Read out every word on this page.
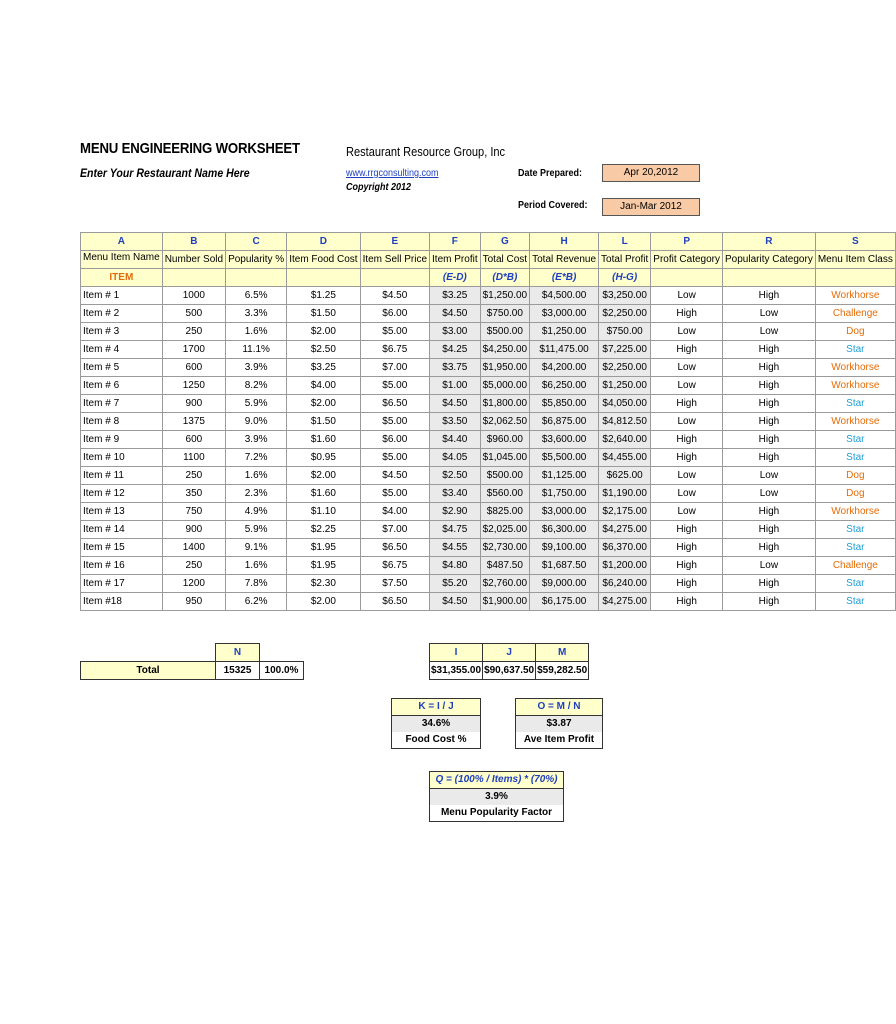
MENU ENGINEERING WORKSHEET
Enter Your Restaurant Name Here
Restaurant Resource Group, Inc
www.rrgconsulting.com
Copyright 2012
Date Prepared:	Apr 20,2012
Period Covered:	Jan-Mar 2012
A	B	C	D	E	F	G	H	L	P	R	S
Menu Item Name	Number Sold	Popularity %	Item Food Cost	Item Sell Price	Item Profit	Total Cost	Total Revenue	Total Profit	Profit Category	Popularity Category	Menu Item Class
ITEM					(E-D)	(D*B)	(E*B)	(H-G)			
Item # 1	1000	6.5%	$1.25	$4.50	$3.25	$1,250.00	$4,500.00	$3,250.00	Low	High	Workhorse
Item # 2	500	3.3%	$1.50	$6.00	$4.50	$750.00	$3,000.00	$2,250.00	High	Low	Challenge
Item # 3	250	1.6%	$2.00	$5.00	$3.00	$500.00	$1,250.00	$750.00	Low	Low	Dog
Item # 4	1700	11.1%	$2.50	$6.75	$4.25	$4,250.00	$11,475.00	$7,225.00	High	High	Star
Item # 5	600	3.9%	$3.25	$7.00	$3.75	$1,950.00	$4,200.00	$2,250.00	Low	High	Workhorse
Item # 6	1250	8.2%	$4.00	$5.00	$1.00	$5,000.00	$6,250.00	$1,250.00	Low	High	Workhorse
Item # 7	900	5.9%	$2.00	$6.50	$4.50	$1,800.00	$5,850.00	$4,050.00	High	High	Star
Item # 8	1375	9.0%	$1.50	$5.00	$3.50	$2,062.50	$6,875.00	$4,812.50	Low	High	Workhorse
Item # 9	600	3.9%	$1.60	$6.00	$4.40	$960.00	$3,600.00	$2,640.00	High	High	Star
Item # 10	1100	7.2%	$0.95	$5.00	$4.05	$1,045.00	$5,500.00	$4,455.00	High	High	Star
Item # 11	250	1.6%	$2.00	$4.50	$2.50	$500.00	$1,125.00	$625.00	Low	Low	Dog
Item # 12	350	2.3%	$1.60	$5.00	$3.40	$560.00	$1,750.00	$1,190.00	Low	Low	Dog
Item # 13	750	4.9%	$1.10	$4.00	$2.90	$825.00	$3,000.00	$2,175.00	Low	High	Workhorse
Item # 14	900	5.9%	$2.25	$7.00	$4.75	$2,025.00	$6,300.00	$4,275.00	High	High	Star
Item # 15	1400	9.1%	$1.95	$6.50	$4.55	$2,730.00	$9,100.00	$6,370.00	High	High	Star
Item # 16	250	1.6%	$1.95	$6.75	$4.80	$487.50	$1,687.50	$1,200.00	High	Low	Challenge
Item # 17	1200	7.8%	$2.30	$7.50	$5.20	$2,760.00	$9,000.00	$6,240.00	High	High	Star
Item #18	950	6.2%	$2.00	$6.50	$4.50	$1,900.00	$6,175.00	$4,275.00	High	High	Star
	N	
Total	15325	100.0%
I	J	M
$31,355.00	$90,637.50	$59,282.50
K = I / J
34.6%
Food Cost %
O = M / N
$3.87
Ave Item Profit
Q = (100% / Items) * (70%)
3.9%
Menu Popularity Factor
